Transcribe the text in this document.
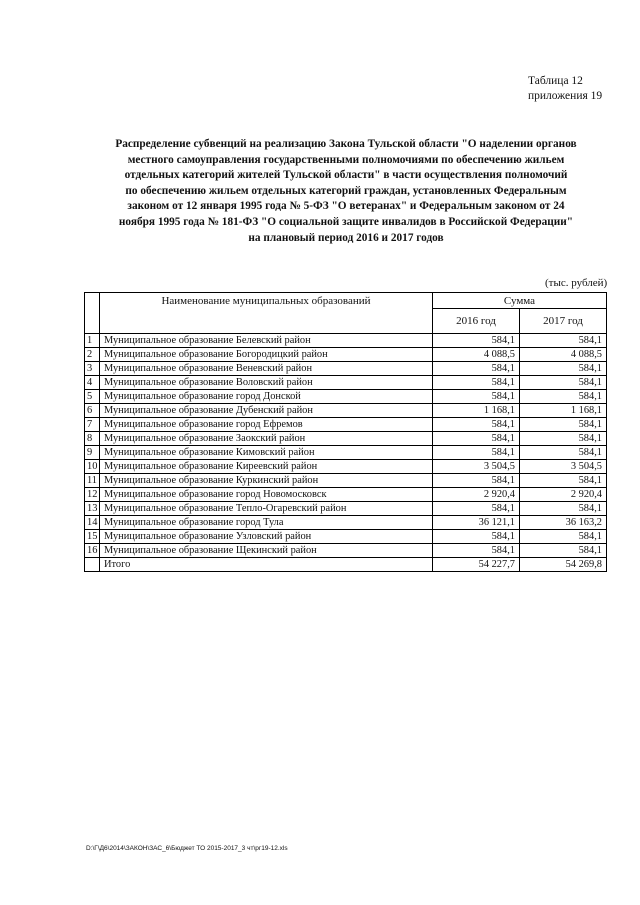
Таблица 12
приложения 19
Распределение субвенций на реализацию Закона Тульской области "О наделении органов
местного самоуправления государственными полномочиями по обеспечению жильем
отдельных категорий жителей Тульской области" в части осуществления полномочий
по обеспечению жильем отдельных категорий граждан, установленных Федеральным
законом от 12 января 1995 года № 5-ФЗ "О ветеранах" и Федеральным законом от 24
ноября 1995 года № 181-ФЗ "О социальной защите инвалидов в Российской Федерации"
на плановый период 2016 и 2017 годов
(тыс. рублей)
	Наименование муниципальных образований	Сумма	
		2016 год	2017 год
1	Муниципальное образование Белевский район	584,1	584,1
2	Муниципальное образование Богородицкий район	4 088,5	4 088,5
3	Муниципальное образование Веневский район	584,1	584,1
4	Муниципальное образование Воловский район	584,1	584,1
5	Муниципальное образование город Донской	584,1	584,1
6	Муниципальное образование Дубенский район	1 168,1	1 168,1
7	Муниципальное образование город Ефремов	584,1	584,1
8	Муниципальное образование Заокский район	584,1	584,1
9	Муниципальное образование Кимовский район	584,1	584,1
10	Муниципальное образование Киреевский район	3 504,5	3 504,5
11	Муниципальное образование Куркинский район	584,1	584,1
12	Муниципальное образование город Новомосковск	2 920,4	2 920,4
13	Муниципальное образование Тепло-Огаревский район	584,1	584,1
14	Муниципальное образование город Тула	36 121,1	36 163,2
15	Муниципальное образование Узловский район	584,1	584,1
16	Муниципальное образование Щекинский район	584,1	584,1
	Итого	54 227,7	54 269,8
D:\Г\Д6\2014\ЗАКОН\ЗАС_6\Бюджет ТО 2015-2017_3 чт\рг19-12.xls
